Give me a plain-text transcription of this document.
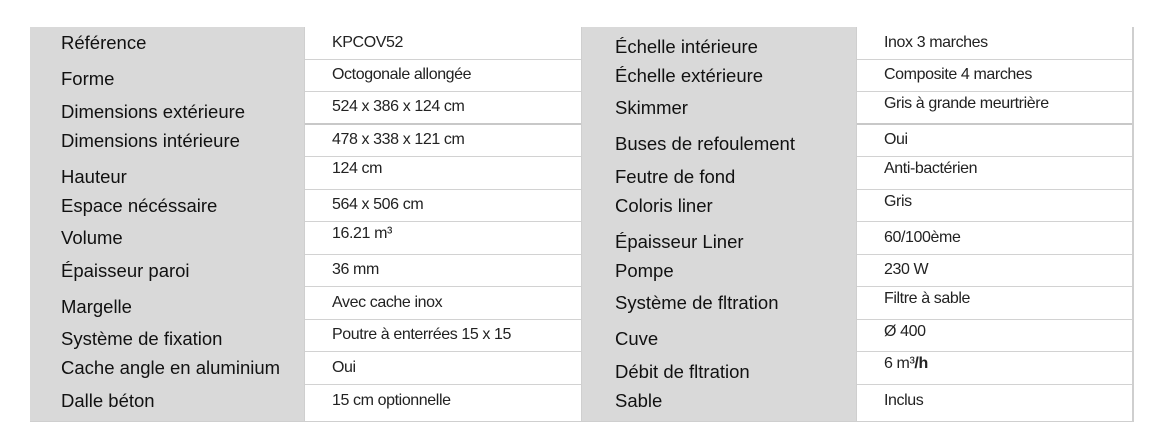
Référence
Forme
Dimensions extérieure
Dimensions intérieure
Hauteur
Espace nécéssaire
Volume
Épaisseur paroi
Margelle
Système de fixation
Cache angle en aluminium
Dalle béton
KPCOV52
Octogonale allongée
524 x 386 x 124 cm
478 x 338 x 121 cm
124 cm
564 x 506 cm
16.21 m³
36 mm
Avec cache inox
Poutre à enterrées 15 x 15
Oui
15 cm optionnelle
Échelle intérieure
Échelle extérieure
Skimmer
Buses de refoulement
Feutre de fond
Coloris liner
Épaisseur Liner
Pompe
Système de fltration
Cuve
Débit de fltration
Sable
Inox 3 marches
Composite 4 marches
Gris à grande meurtrière
Oui
Anti-bactérien
Gris
60/100ème
230 W
Filtre à sable
Ø 400
6 m³ /h
Inclus
